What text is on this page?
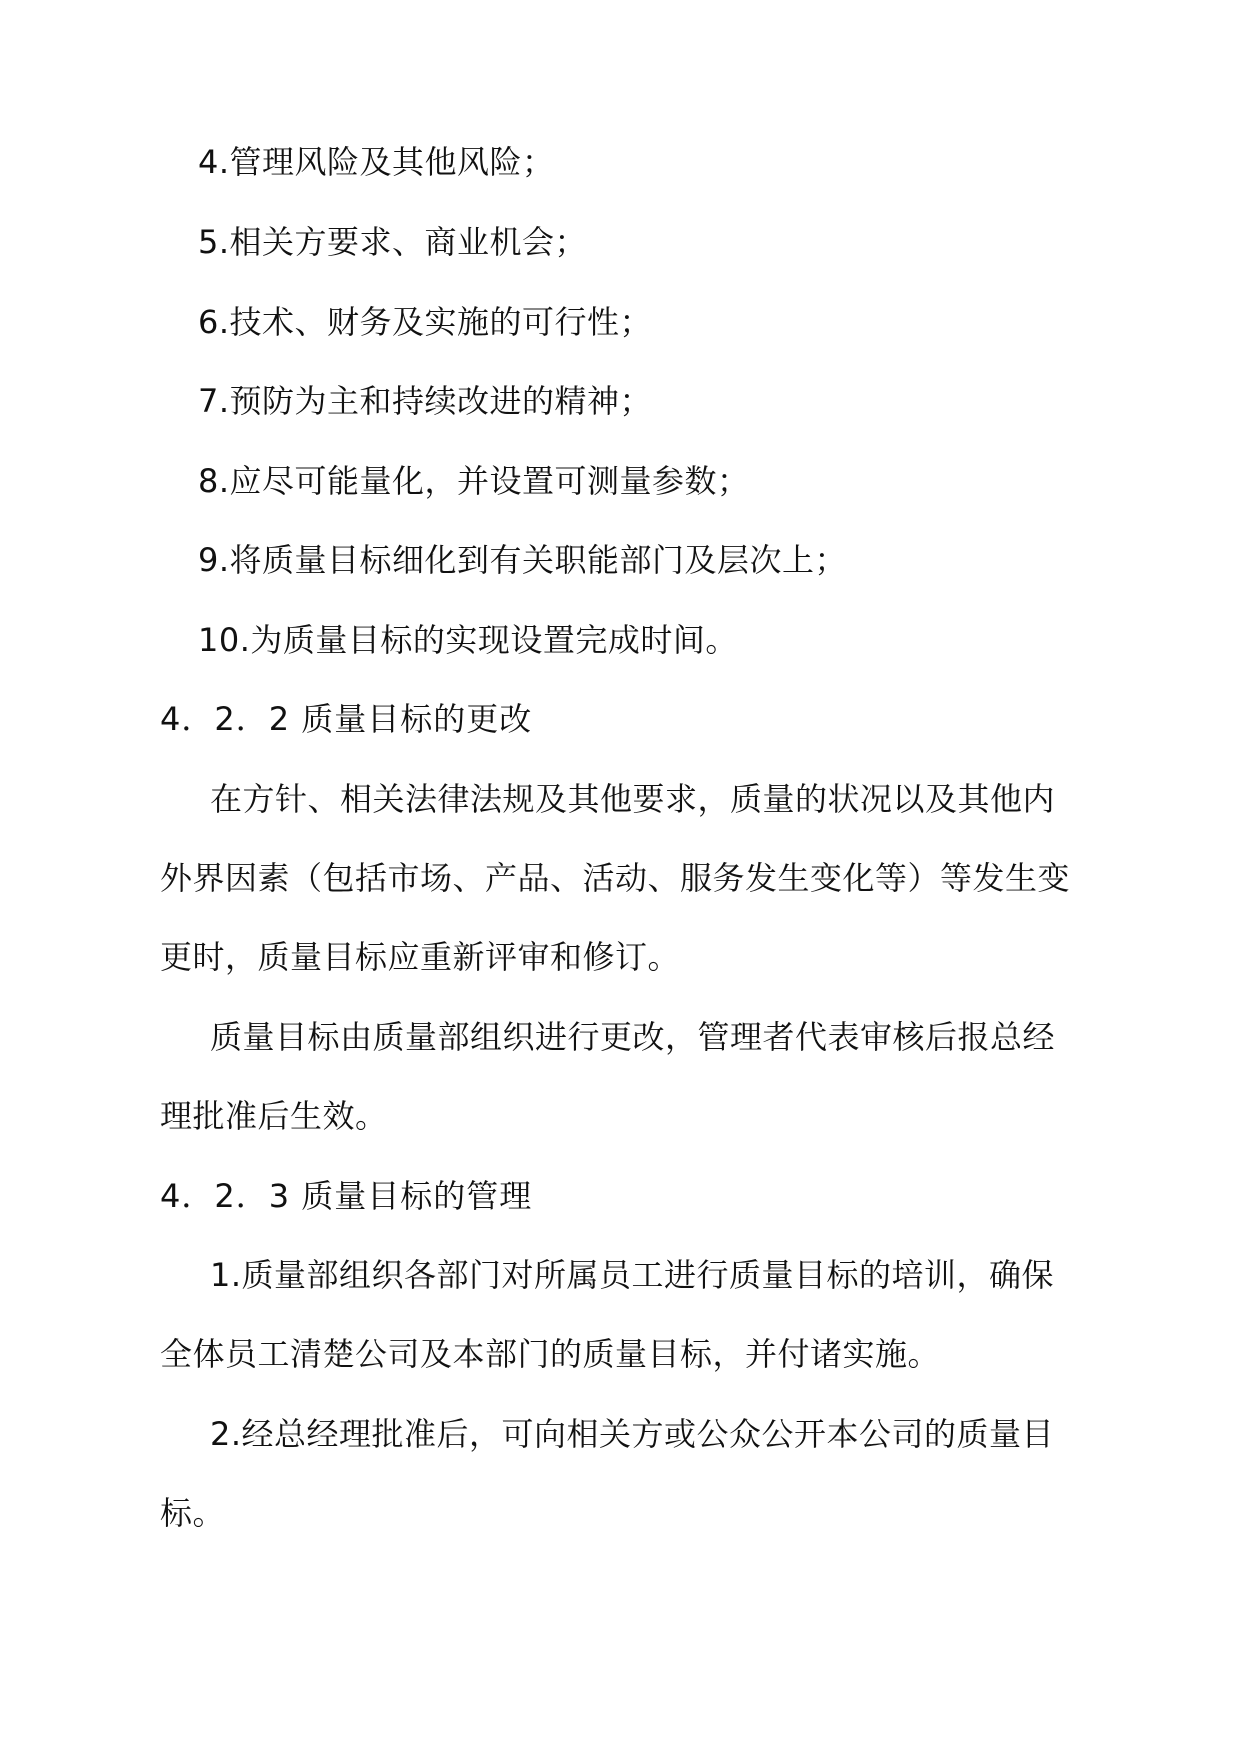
4.管理风险及其他风险；
5.相关方要求、商业机会；
6.技术、财务及实施的可行性；
7.预防为主和持续改进的精神；
8.应尽可能量化，并设置可测量参数；
9.将质量目标细化到有关职能部门及层次上；
10.为质量目标的实现设置完成时间。
4．2．2 质量目标的更改
在方针、相关法律法规及其他要求，质量的状况以及其他内
外界因素（包括市场、产品、活动、服务发生变化等）等发生变
更时，质量目标应重新评审和修订。
质量目标由质量部组织进行更改，管理者代表审核后报总经
理批准后生效。
4．2．3 质量目标的管理
1.质量部组织各部门对所属员工进行质量目标的培训，确保
全体员工清楚公司及本部门的质量目标，并付诸实施。
2.经总经理批准后，可向相关方或公众公开本公司的质量目
标。
